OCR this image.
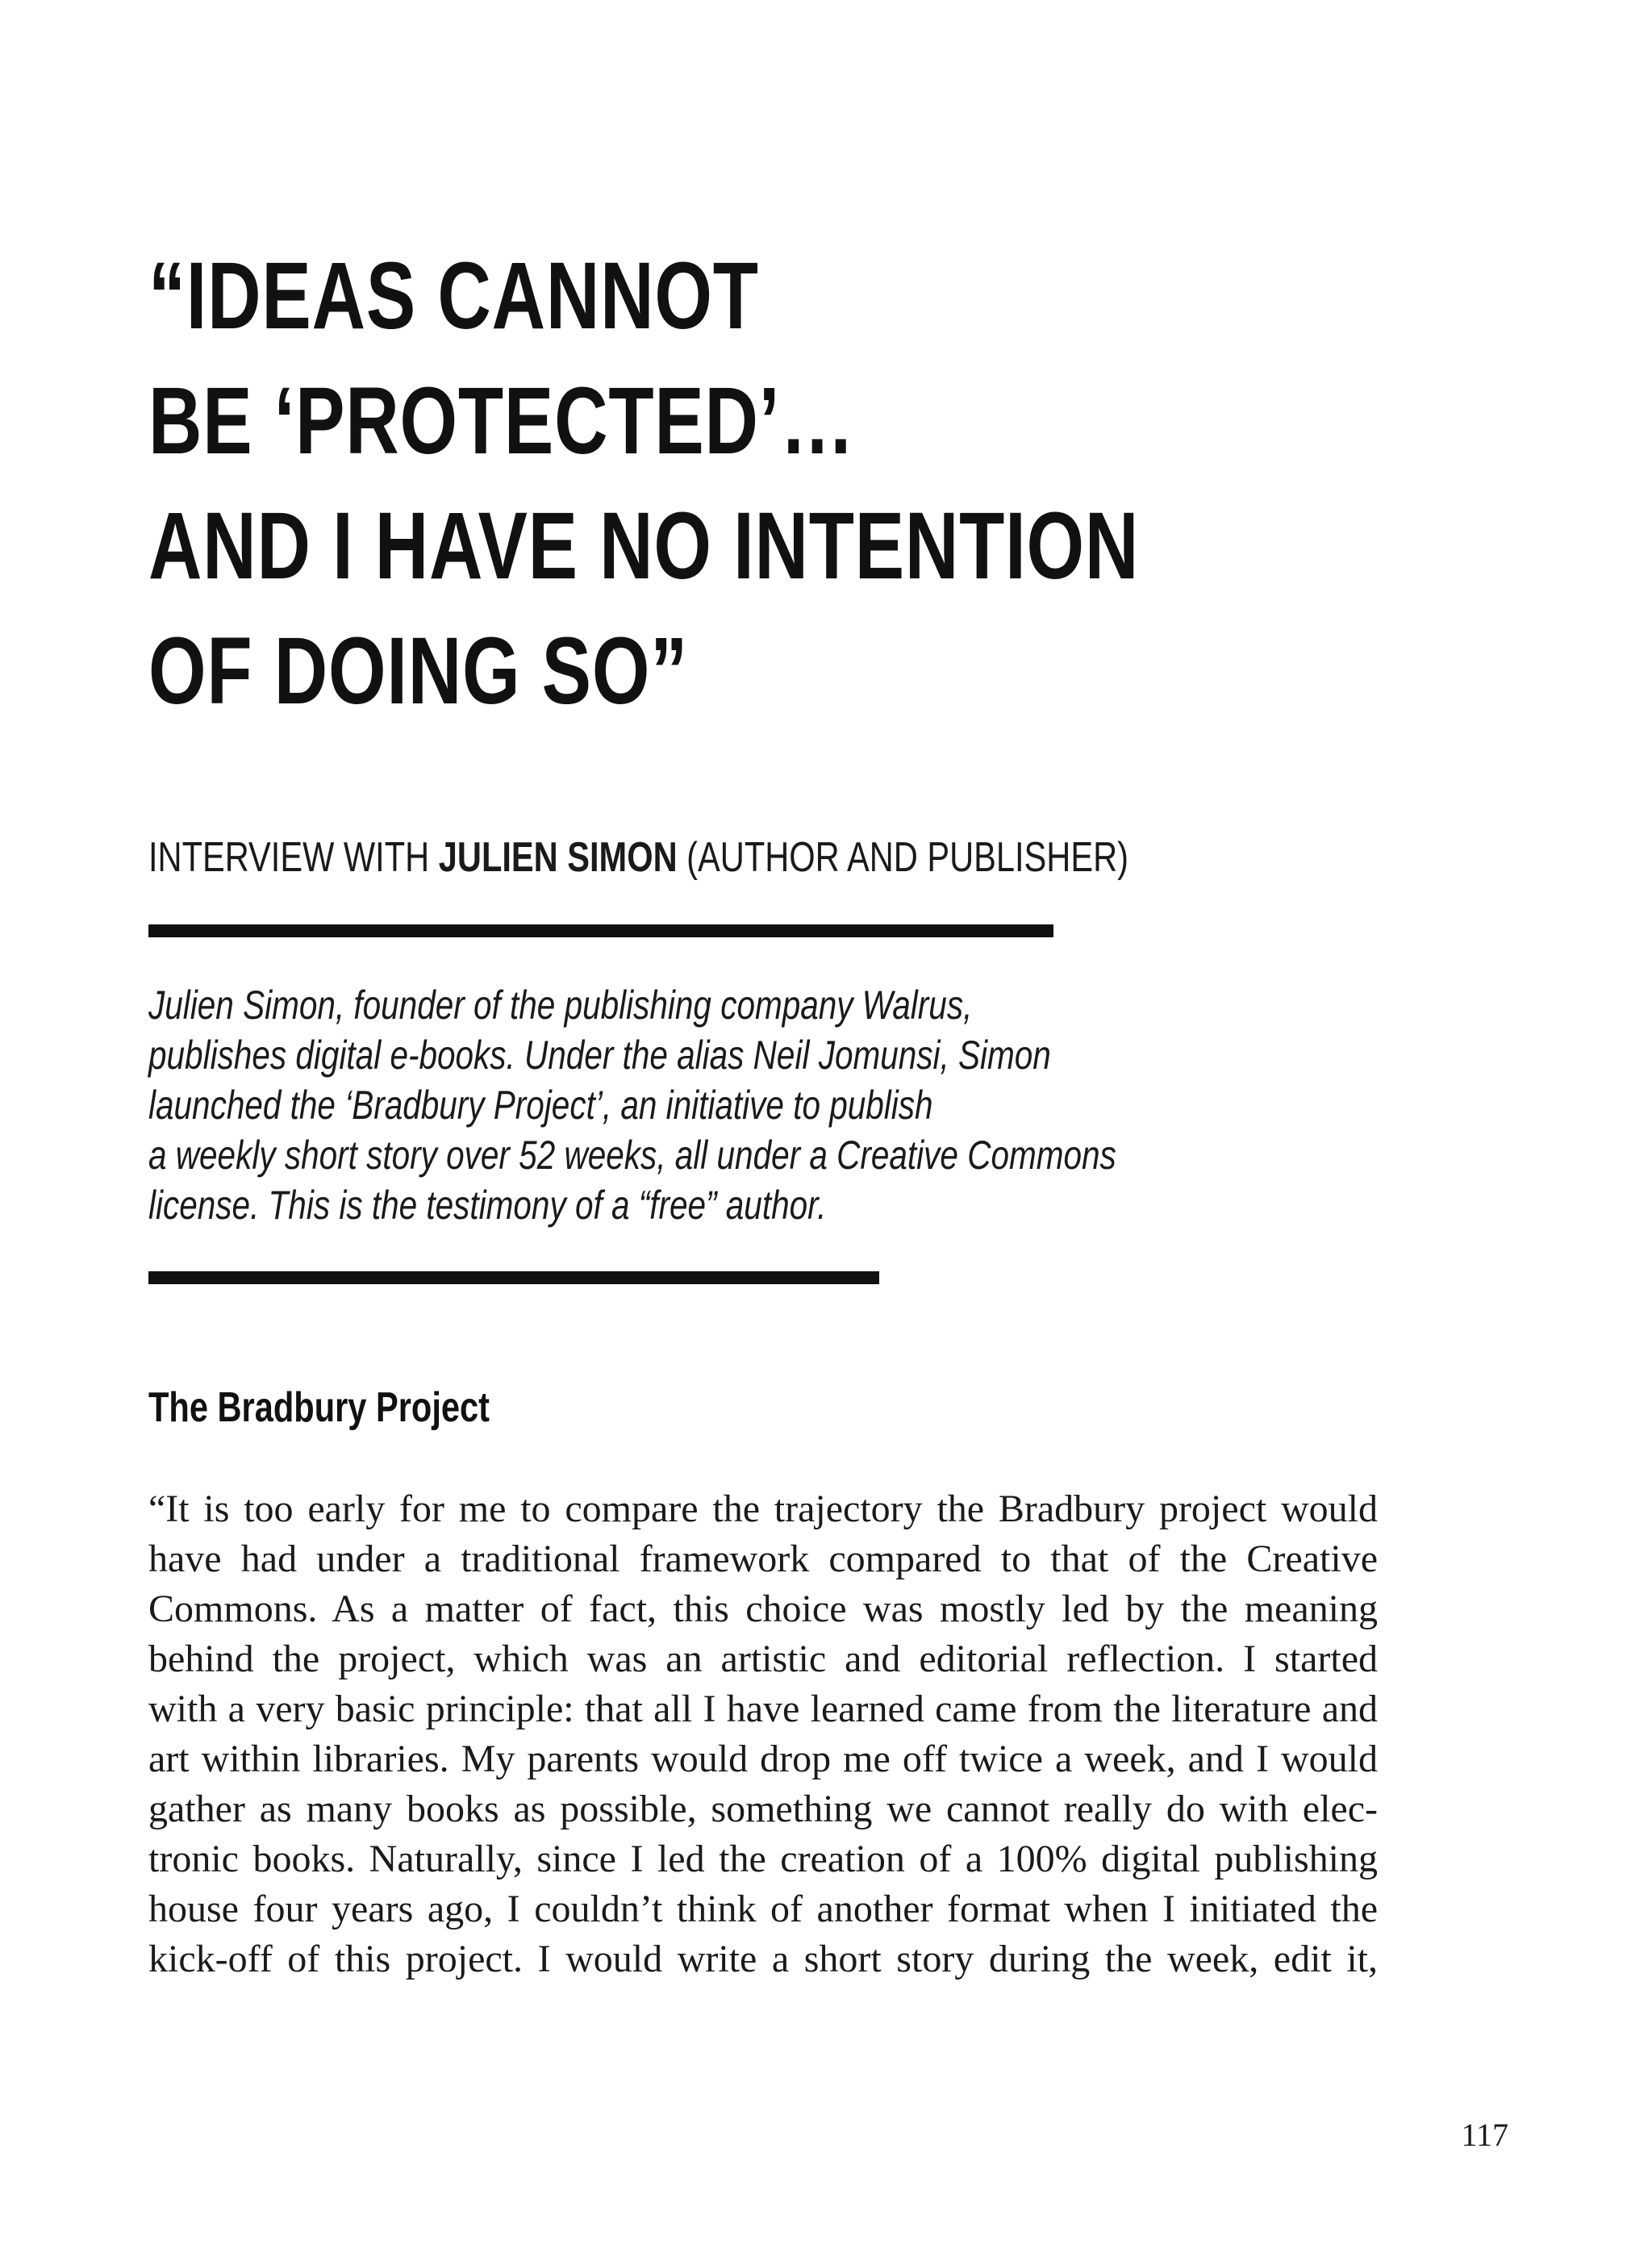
“IDEAS CANNOT
BE ‘PROTECTED’…
AND I HAVE NO INTENTION
OF DOING SO”
INTERVIEW WITH JULIEN SIMON (AUTHOR AND PUBLISHER)
Julien Simon, founder of the publishing company Walrus,
publishes digital e-books. Under the alias Neil Jomunsi, Simon
launched the ‘Bradbury Project’, an initiative to publish
a weekly short story over 52 weeks, all under a Creative Commons
license. This is the testimony of a “free” author.
The Bradbury Project
“It is too early for me to compare the trajectory the Bradbury project would
have had under a traditional framework compared to that of the Creative
Commons. As a matter of fact, this choice was mostly led by the meaning
behind the project, which was an artistic and editorial reflection. I started
with a very basic principle: that all I have learned came from the literature and
art within libraries. My parents would drop me off twice a week, and I would
gather as many books as possible, something we cannot really do with elec-
tronic books. Naturally, since I led the creation of a 100% digital publishing
house four years ago, I couldn’t think of another format when I initiated the
kick-off of this project. I would write a short story during the week, edit it,
117
